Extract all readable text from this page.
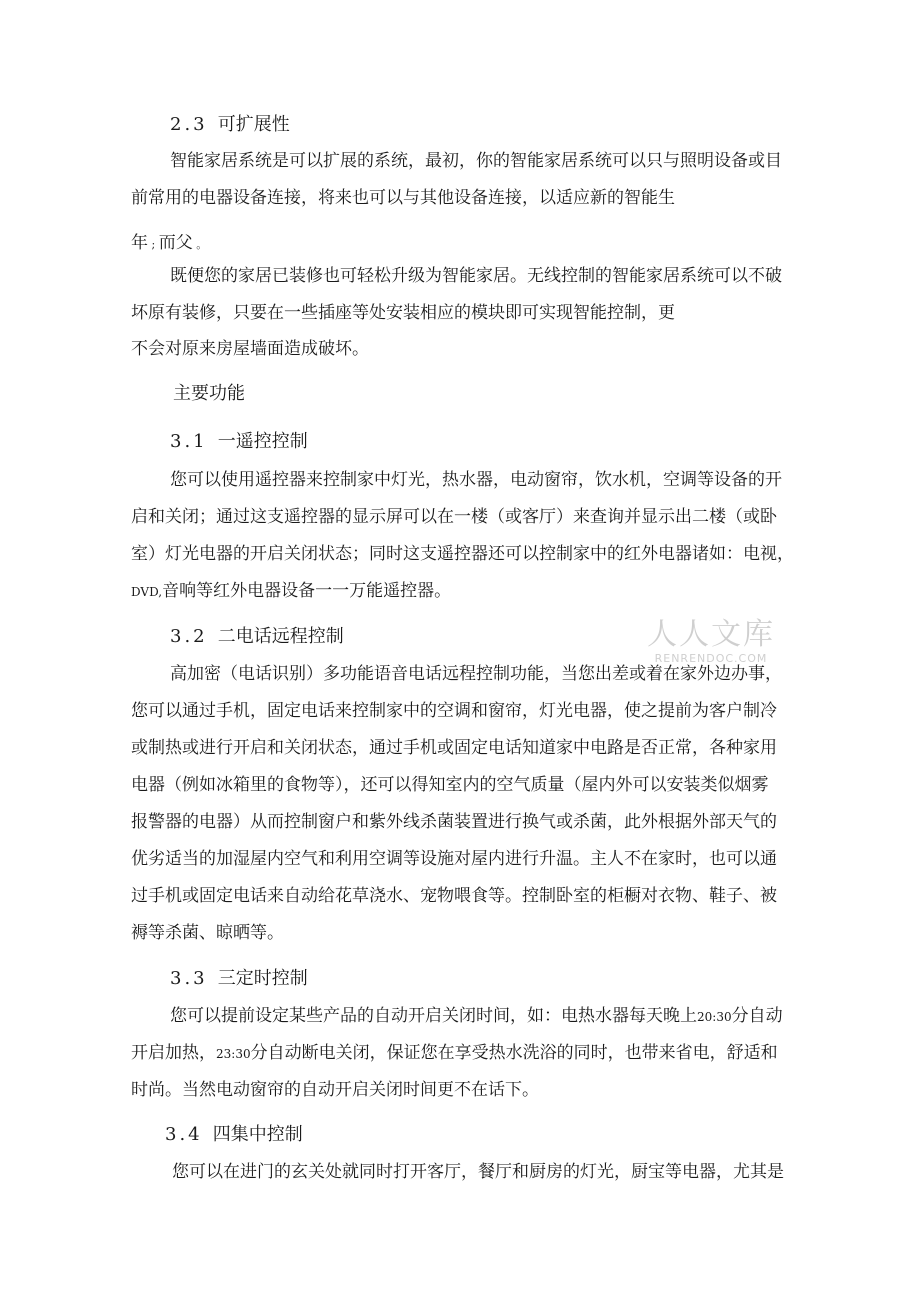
2.3 可扩展性
智能家居系统是可以扩展的系统，最初，你的智能家居系统可以只与照明设备或目
前常用的电器设备连接，将来也可以与其他设备连接，以适应新的智能生
年 ; 而父 。
既便您的家居已装修也可轻松升级为智能家居。无线控制的智能家居系统可以不破
坏原有装修，只要在一些插座等处安装相应的模块即可实现智能控制，更
不会对原来房屋墙面造成破坏。
主要功能
3.1 一遥控控制
您可以使用遥控器来控制家中灯光，热水器，电动窗帘，饮水机，空调等设备的开
启和关闭；通过这支遥控器的显示屏可以在一楼（或客厅）来查询并显示出二楼（或卧
室）灯光电器的开启关闭状态；同时这支遥控器还可以控制家中的红外电器诸如：电视，
DVD,音响等红外电器设备一一万能遥控器。
3.2 二电话远程控制
高加密（电话识别）多功能语音电话远程控制功能，当您出差或着在家外边办事，
您可以通过手机，固定电话来控制家中的空调和窗帘，灯光电器，使之提前为客户制冷
或制热或进行开启和关闭状态，通过手机或固定电话知道家中电路是否正常，各种家用
电器（例如冰箱里的食物等），还可以得知室内的空气质量（屋内外可以安装类似烟雾
报警器的电器）从而控制窗户和紫外线杀菌装置进行换气或杀菌，此外根据外部天气的
优劣适当的加湿屋内空气和利用空调等设施对屋内进行升温。主人不在家时，也可以通
过手机或固定电话来自动给花草浇水、宠物喂食等。控制卧室的柜橱对衣物、鞋子、被
褥等杀菌、晾晒等。
3.3 三定时控制
您可以提前设定某些产品的自动开启关闭时间，如：电热水器每天晚上20:30分自动
开启加热，23:30分自动断电关闭，保证您在享受热水洗浴的同时，也带来省电，舒适和
时尚。当然电动窗帘的自动开启关闭时间更不在话下。
3.4 四集中控制
您可以在进门的玄关处就同时打开客厅，餐厅和厨房的灯光，厨宝等电器，尤其是
人人文库
RENRENDOC.COM
